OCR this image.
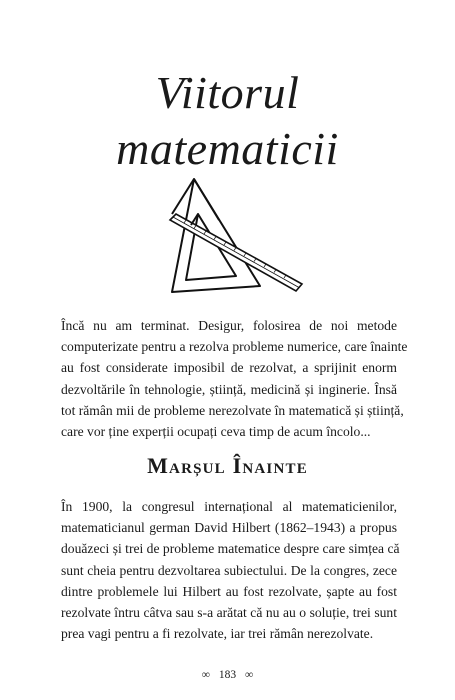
Viitorul
matematicii
Încă nu am terminat. Desigur, folosirea de noi metode
computerizate pentru a rezolva probleme numerice, care înainte
au fost considerate imposibil de rezolvat, a sprijinit enorm
dezvoltările în tehnologie, știință, medicină și inginerie. Însă
tot rămân mii de probleme nerezolvate în matematică și știință,
care vor ține experții ocupați ceva timp de acum încolo...
Marșul Înainte
În 1900, la congresul internațional al matematicienilor,
matematicianul german David Hilbert (1862–1943) a propus
douăzeci și trei de probleme matematice despre care simțea că
sunt cheia pentru dezvoltarea subiectului. De la congres, zece
dintre problemele lui Hilbert au fost rezolvate, șapte au fost
rezolvate întru câtva sau s-a arătat că nu au o soluție, trei sunt
prea vagi pentru a fi rezolvate, iar trei rămân nerezolvate.
∞ 183 ∞
